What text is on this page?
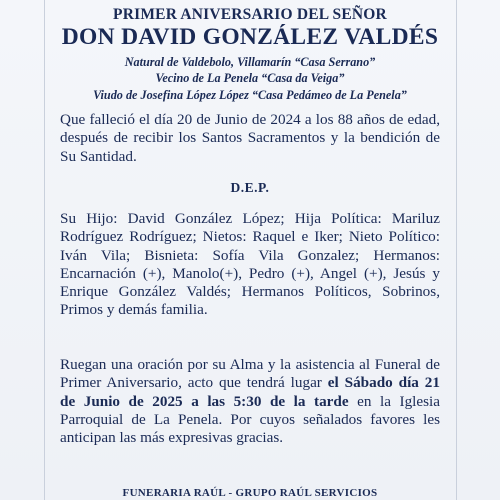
PRIMER ANIVERSARIO DEL SEÑOR
DON DAVID GONZÁLEZ VALDÉS
Natural de Valdebolo, Villamarín “Casa Serrano”
Vecino de La Penela “Casa da Veiga”
Viudo de Josefina López López “Casa Pedámeo de La Penela”
Que falleció el día 20 de Junio de 2024 a los 88 años de edad, después de recibir los Santos Sacramentos y la bendición de Su Santidad.
D.E.P.
Su Hijo: David González López; Hija Política: Mariluz Rodríguez Rodríguez; Nietos: Raquel e Iker; Nieto Político: Iván Vila; Bisnieta: Sofía Vila Gonzalez; Hermanos: Encarnación (+), Manolo(+), Pedro (+), Angel (+), Jesús y Enrique González Valdés; Hermanos Políticos, Sobrinos, Primos y demás familia.
Ruegan una oración por su Alma y la asistencia al Funeral de Primer Aniversario, acto que tendrá lugar el Sábado día 21 de Junio de 2025 a las 5:30 de la tarde en la Iglesia Parroquial de La Penela. Por cuyos señalados favores les anticipan las más expresivas gracias.
FUNERARIA RAÚL - GRUPO RAÚL SERVICIOS
